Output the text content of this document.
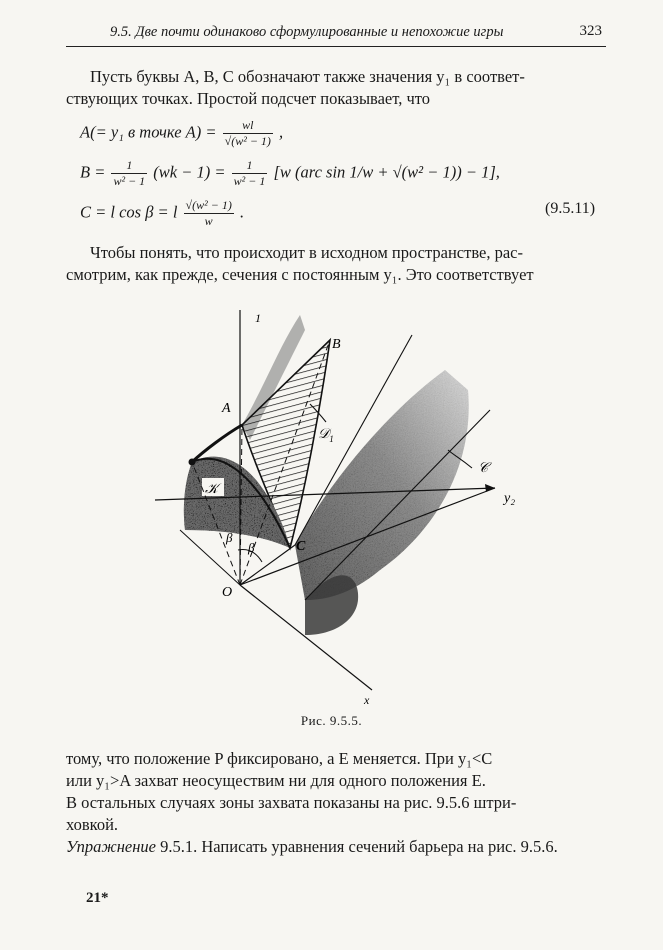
9.5. Две почти одинаково сформулированные и непохожие игры	323
Пусть буквы A, B, C обозначают также значения y₁ в соответ-
ствующих точках. Простой подсчет показывает, что
A(= y₁ в точке $A) = \frac{wl}{\text{√(w² − 1)}}$ ,
$B = \frac{1}{\text{w² − 1}} (wk - 1) = \frac{1}{\text{w² − 1}} [w$ (arc sin 1/w + √(w² − 1)) − 1],
C = l cos β = l $\frac{\text{√(w² − 1)}}{w}$ .	(9.5.11)
Чтобы понять, что происходит в исходном пространстве, рас-
смотрим, как прежде, сечения с постоянным y₁. Это соответствует
1
A
B
C
O
𝒟$_1$
𝒦
𝒞
y₂
x
β
β
Рис. 9.5.5.
тому, что положение P фиксировано, а E меняется. При y₁<C
или y₁>A захват неосуществим ни для одного положения E.
В остальных случаях зоны захвата показаны на рис. 9.5.6 штри-
ховкой.
Упражнение 9.5.1. Написать уравнения сечений барьера на рис. 9.5.6.
21*
